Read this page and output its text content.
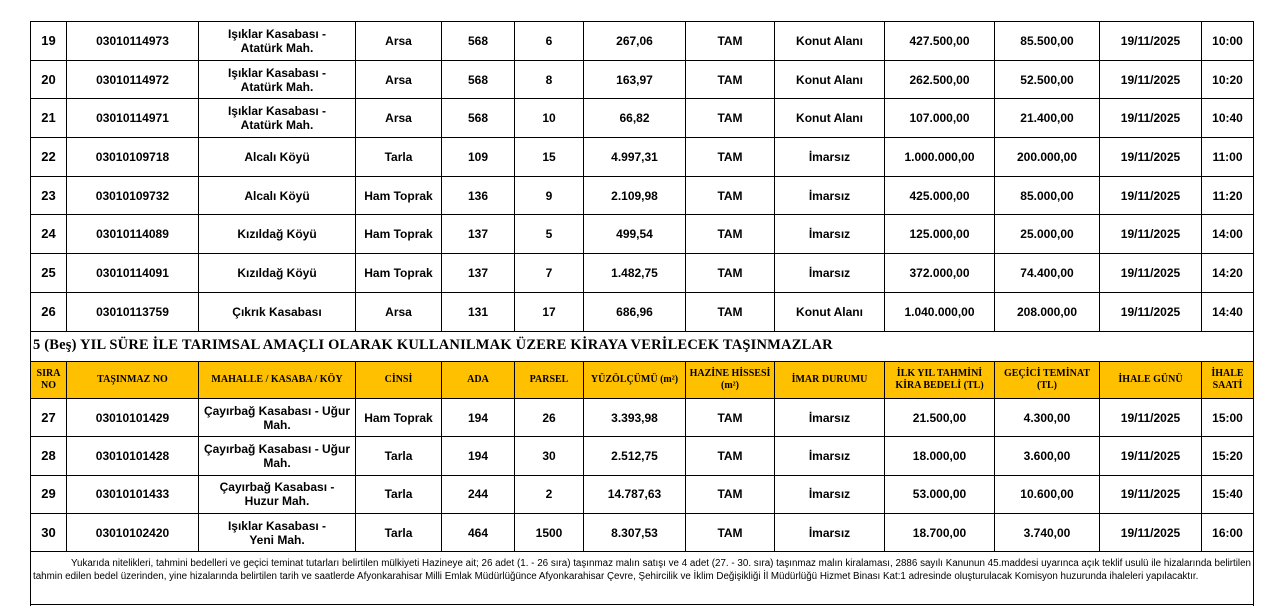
19	03010114973	Işıklar Kasabası -
Atatürk Mah.	Arsa	568	6	267,06	TAM	Konut Alanı	427.500,00	85.500,00	19/11/2025	10:00
20	03010114972	Işıklar Kasabası -
Atatürk Mah.	Arsa	568	8	163,97	TAM	Konut Alanı	262.500,00	52.500,00	19/11/2025	10:20
21	03010114971	Işıklar Kasabası -
Atatürk Mah.	Arsa	568	10	66,82	TAM	Konut Alanı	107.000,00	21.400,00	19/11/2025	10:40
22	03010109718	Alcalı Köyü	Tarla	109	15	4.997,31	TAM	İmarsız	1.000.000,00	200.000,00	19/11/2025	11:00
23	03010109732	Alcalı Köyü	Ham Toprak	136	9	2.109,98	TAM	İmarsız	425.000,00	85.000,00	19/11/2025	11:20
24	03010114089	Kızıldağ Köyü	Ham Toprak	137	5	499,54	TAM	İmarsız	125.000,00	25.000,00	19/11/2025	14:00
25	03010114091	Kızıldağ Köyü	Ham Toprak	137	7	1.482,75	TAM	İmarsız	372.000,00	74.400,00	19/11/2025	14:20
26	03010113759	Çıkrık Kasabası	Arsa	131	17	686,96	TAM	Konut Alanı	1.040.000,00	208.000,00	19/11/2025	14:40
5 (Beş) YIL SÜRE İLE TARIMSAL AMAÇLI OLARAK KULLANILMAK ÜZERE KİRAYA VERİLECEK TAŞINMAZLAR
SIRA NO	TAŞINMAZ NO	MAHALLE / KASABA / KÖY	CİNSİ	ADA	PARSEL	YÜZÖLÇÜMÜ (m²)	HAZİNE HİSSESİ (m²)	İMAR DURUMU	İLK YIL TAHMİNİ KİRA BEDELİ (TL)	GEÇİCİ TEMİNAT (TL)	İHALE GÜNÜ	İHALE SAATİ
27	03010101429	Çayırbağ Kasabası - Uğur
Mah.	Ham Toprak	194	26	3.393,98	TAM	İmarsız	21.500,00	4.300,00	19/11/2025	15:00
28	03010101428	Çayırbağ Kasabası - Uğur
Mah.	Tarla	194	30	2.512,75	TAM	İmarsız	18.000,00	3.600,00	19/11/2025	15:20
29	03010101433	Çayırbağ Kasabası -
Huzur Mah.	Tarla	244	2	14.787,63	TAM	İmarsız	53.000,00	10.600,00	19/11/2025	15:40
30	03010102420	Işıklar Kasabası -
Yeni Mah.	Tarla	464	1500	8.307,53	TAM	İmarsız	18.700,00	3.740,00	19/11/2025	16:00
Yukarıda nitelikleri, tahmini bedelleri ve geçici teminat tutarları belirtilen mülkiyeti Hazineye ait; 26 adet (1. - 26 sıra) taşınmaz malın satışı ve 4 adet (27. - 30. sıra) taşınmaz malın kiralaması, 2886 sayılı Kanunun 45.maddesi uyarınca açık teklif usulü ile hizalarında belirtilen tahmin edilen bedel üzerinden, yine hizalarında belirtilen tarih ve saatlerde Afyonkarahisar Milli Emlak Müdürlüğünce Afyonkarahisar Çevre, Şehircilik ve İklim Değişikliği İl Müdürlüğü Hizmet Binası Kat:1 adresinde oluşturulacak Komisyon huzurunda ihaleleri yapılacaktır.
